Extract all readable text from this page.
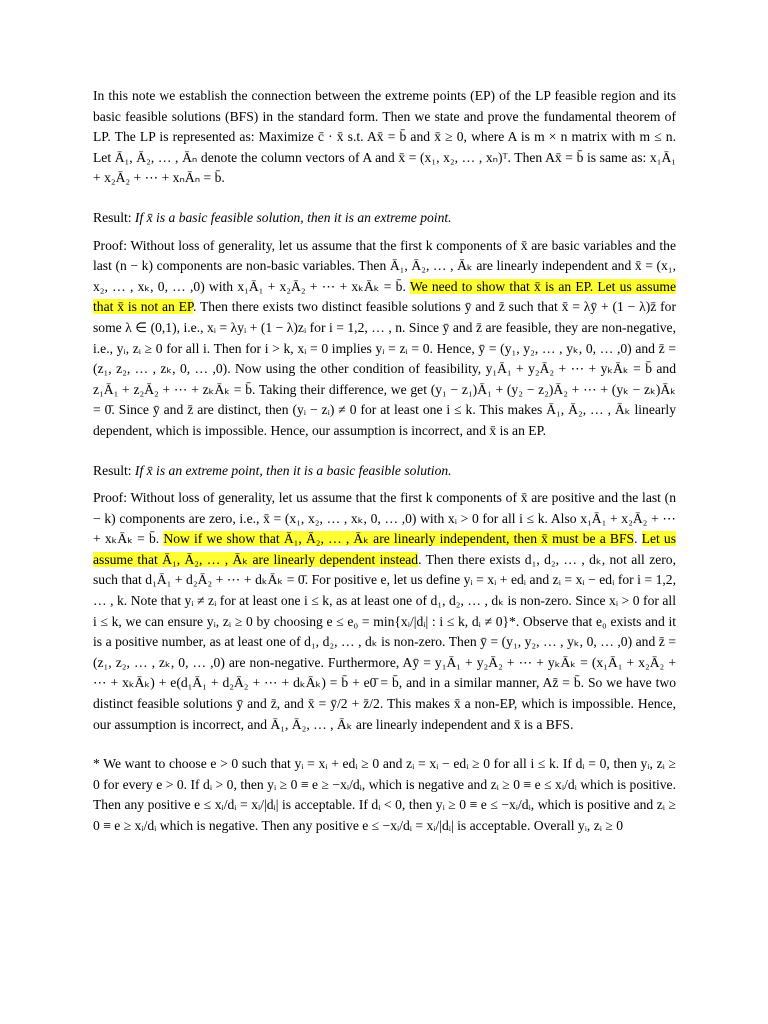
In this note we establish the connection between the extreme points (EP) of the LP feasible region and its basic feasible solutions (BFS) in the standard form. Then we state and prove the fundamental theorem of LP. The LP is represented as: Maximize c̄ · x̄ s.t. Ax̄ = b̄ and x̄ ≥ 0, where A is m × n matrix with m ≤ n. Let Ā₁, Ā₂, … , Āₙ denote the column vectors of A and x̄ = (x₁, x₂, … , xₙ)ᵀ. Then Ax̄ = b̄ is same as: x₁Ā₁ + x₂Ā₂ + ⋯ + xₙĀₙ = b̄.

Result: If x̄ is a basic feasible solution, then it is an extreme point.

Proof: Without loss of generality, let us assume that the first k components of x̄ are basic variables and the last (n − k) components are non-basic variables. Then Ā₁, Ā₂, … , Āₖ are linearly independent and x̄ = (x₁, x₂, … , xₖ, 0, … ,0) with x₁Ā₁ + x₂Ā₂ + ⋯ + xₖĀₖ = b̄. We need to show that x̄ is an EP. Let us assume that x̄ is not an EP. Then there exists two distinct feasible solutions ȳ and z̄ such that x̄ = λȳ + (1 − λ)z̄ for some λ ∈ (0,1), i.e., xᵢ = λyᵢ + (1 − λ)zᵢ for i = 1,2, … , n. Since ȳ and z̄ are feasible, they are non-negative, i.e., yᵢ, zᵢ ≥ 0 for all i. Then for i > k, xᵢ = 0 implies yᵢ = zᵢ = 0. Hence, ȳ = (y₁, y₂, … , yₖ, 0, … ,0) and z̄ = (z₁, z₂, … , zₖ, 0, … ,0). Now using the other condition of feasibility, y₁Ā₁ + y₂Ā₂ + ⋯ + yₖĀₖ = b̄ and z₁Ā₁ + z₂Ā₂ + ⋯ + zₖĀₖ = b̄. Taking their difference, we get (y₁ − z₁)Ā₁ + (y₂ − z₂)Ā₂ + ⋯ + (yₖ − zₖ)Āₖ = 0̄. Since ȳ and z̄ are distinct, then (yᵢ − zᵢ) ≠ 0 for at least one i ≤ k. This makes Ā₁, Ā₂, … , Āₖ linearly dependent, which is impossible. Hence, our assumption is incorrect, and x̄ is an EP.

Result: If x̄ is an extreme point, then it is a basic feasible solution.

Proof: Without loss of generality, let us assume that the first k components of x̄ are positive and the last (n − k) components are zero, i.e., x̄ = (x₁, x₂, … , xₖ, 0, … ,0) with xᵢ > 0 for all i ≤ k. Also x₁Ā₁ + x₂Ā₂ + ⋯ + xₖĀₖ = b̄. Now if we show that Ā₁, Ā₂, … , Āₖ are linearly independent, then x̄ must be a BFS. Let us assume that Ā₁, Ā₂, … , Āₖ are linearly dependent instead. Then there exists d₁, d₂, … , dₖ, not all zero, such that d₁Ā₁ + d₂Ā₂ + ⋯ + dₖĀₖ = 0̄. For positive e, let us define yᵢ = xᵢ + edᵢ and zᵢ = xᵢ − edᵢ for i = 1,2, … , k. Note that yᵢ ≠ zᵢ for at least one i ≤ k, as at least one of d₁, d₂, … , dₖ is non-zero. Since xᵢ > 0 for all i ≤ k, we can ensure yᵢ, zᵢ ≥ 0 by choosing e ≤ e₀ = min{xᵢ/|dᵢ| : i ≤ k, dᵢ ≠ 0}*. Observe that e₀ exists and it is a positive number, as at least one of d₁, d₂, … , dₖ is non-zero. Then ȳ = (y₁, y₂, … , yₖ, 0, … ,0) and z̄ = (z₁, z₂, … , zₖ, 0, … ,0) are non-negative. Furthermore, Aȳ = y₁Ā₁ + y₂Ā₂ + ⋯ + yₖĀₖ = (x₁Ā₁ + x₂Ā₂ + ⋯ + xₖĀₖ) + e(d₁Ā₁ + d₂Ā₂ + ⋯ + dₖĀₖ) = b̄ + e0̄ = b̄, and in a similar manner, Az̄ = b̄. So we have two distinct feasible solutions ȳ and z̄, and x̄ = ȳ/2 + z̄/2. This makes x̄ a non-EP, which is impossible. Hence, our assumption is incorrect, and Ā₁, Ā₂, … , Āₖ are linearly independent and x̄ is a BFS.

* We want to choose e > 0 such that yᵢ = xᵢ + edᵢ ≥ 0 and zᵢ = xᵢ − edᵢ ≥ 0 for all i ≤ k. If dᵢ = 0, then yᵢ, zᵢ ≥ 0 for every e > 0. If dᵢ > 0, then yᵢ ≥ 0 ≡ e ≥ −xᵢ/dᵢ, which is negative and zᵢ ≥ 0 ≡ e ≤ xᵢ/dᵢ which is positive. Then any positive e ≤ xᵢ/dᵢ = xᵢ/|dᵢ| is acceptable. If dᵢ < 0, then yᵢ ≥ 0 ≡ e ≤ −xᵢ/dᵢ, which is positive and zᵢ ≥ 0 ≡ e ≥ xᵢ/dᵢ which is negative. Then any positive e ≤ −xᵢ/dᵢ = xᵢ/|dᵢ| is acceptable. Overall yᵢ, zᵢ ≥ 0
